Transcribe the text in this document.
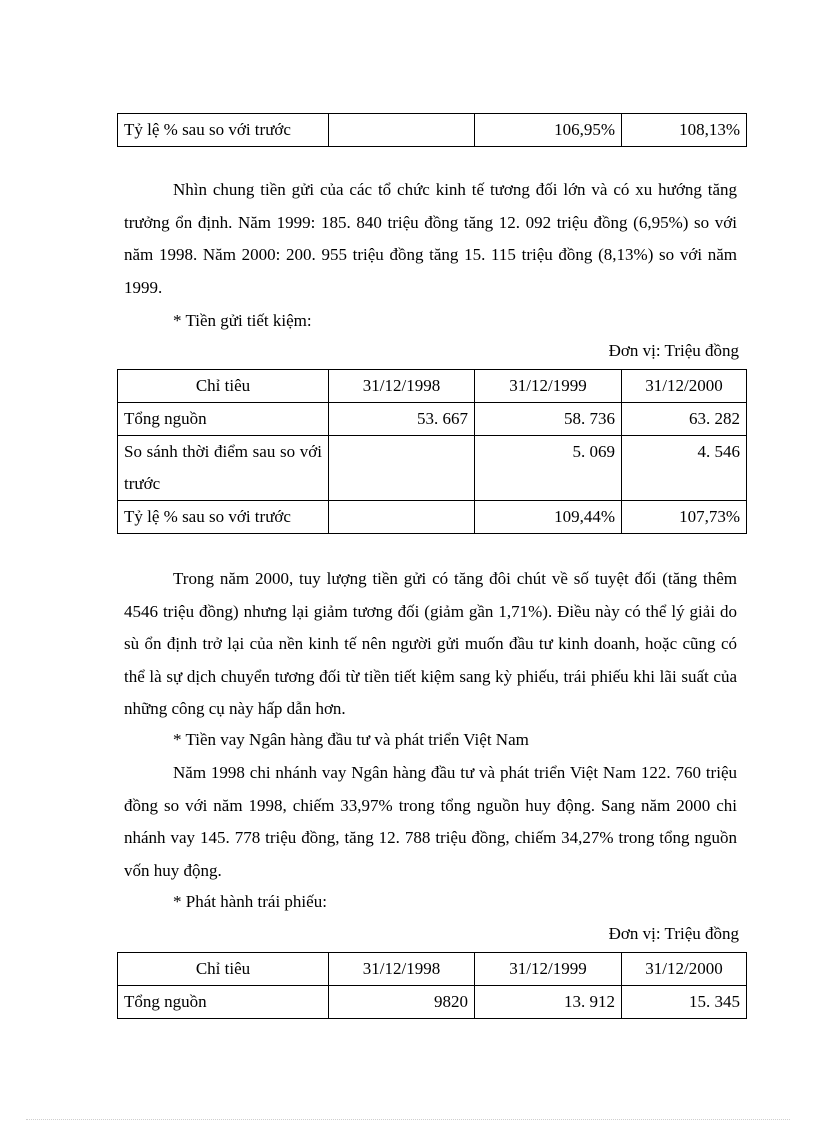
Tỷ lệ % sau so với trước		106,95%	108,13%

Nhìn chung tiền gửi của các tổ chức kinh tế tương đối lớn và có xu hướng tăng trưởng ổn định. Năm 1999: 185. 840 triệu đồng tăng 12. 092 triệu đồng (6,95%) so với năm 1998. Năm 2000: 200. 955 triệu đồng tăng 15. 115 triệu đồng (8,13%) so với năm 1999.

* Tiền gửi tiết kiệm:

Đơn vị: Triệu đồng

Chỉ tiêu	31/12/1998	31/12/1999	31/12/2000
Tổng nguồn	53. 667	58. 736	63. 282
So sánh thời điểm sau so với trước		5. 069	4. 546
Tỷ lệ % sau so với trước		109,44%	107,73%

Trong năm 2000, tuy lượng tiền gửi có tăng đôi chút về số tuyệt đối (tăng thêm 4546 triệu đồng) nhưng lại giảm tương đối (giảm gần 1,71%). Điều này có thể lý giải do sù ổn định trở lại của nền kinh tế nên người gửi muốn đầu tư kinh doanh, hoặc cũng có thể là sự dịch chuyển tương đối từ tiền tiết kiệm sang kỳ phiếu, trái phiếu khi lãi suất của những công cụ này hấp dẫn hơn.

* Tiền vay Ngân hàng đầu tư và phát triển Việt Nam

Năm 1998 chi nhánh vay Ngân hàng đầu tư và phát triển Việt Nam 122. 760 triệu đồng so với năm 1998, chiếm 33,97% trong tổng nguồn huy động. Sang năm 2000 chi nhánh vay 145. 778 triệu đồng, tăng 12. 788 triệu đồng, chiếm 34,27% trong tổng nguồn vốn huy động.

* Phát hành trái phiếu:

Đơn vị: Triệu đồng

Chỉ tiêu	31/12/1998	31/12/1999	31/12/2000
Tổng nguồn	9820	13. 912	15. 345
